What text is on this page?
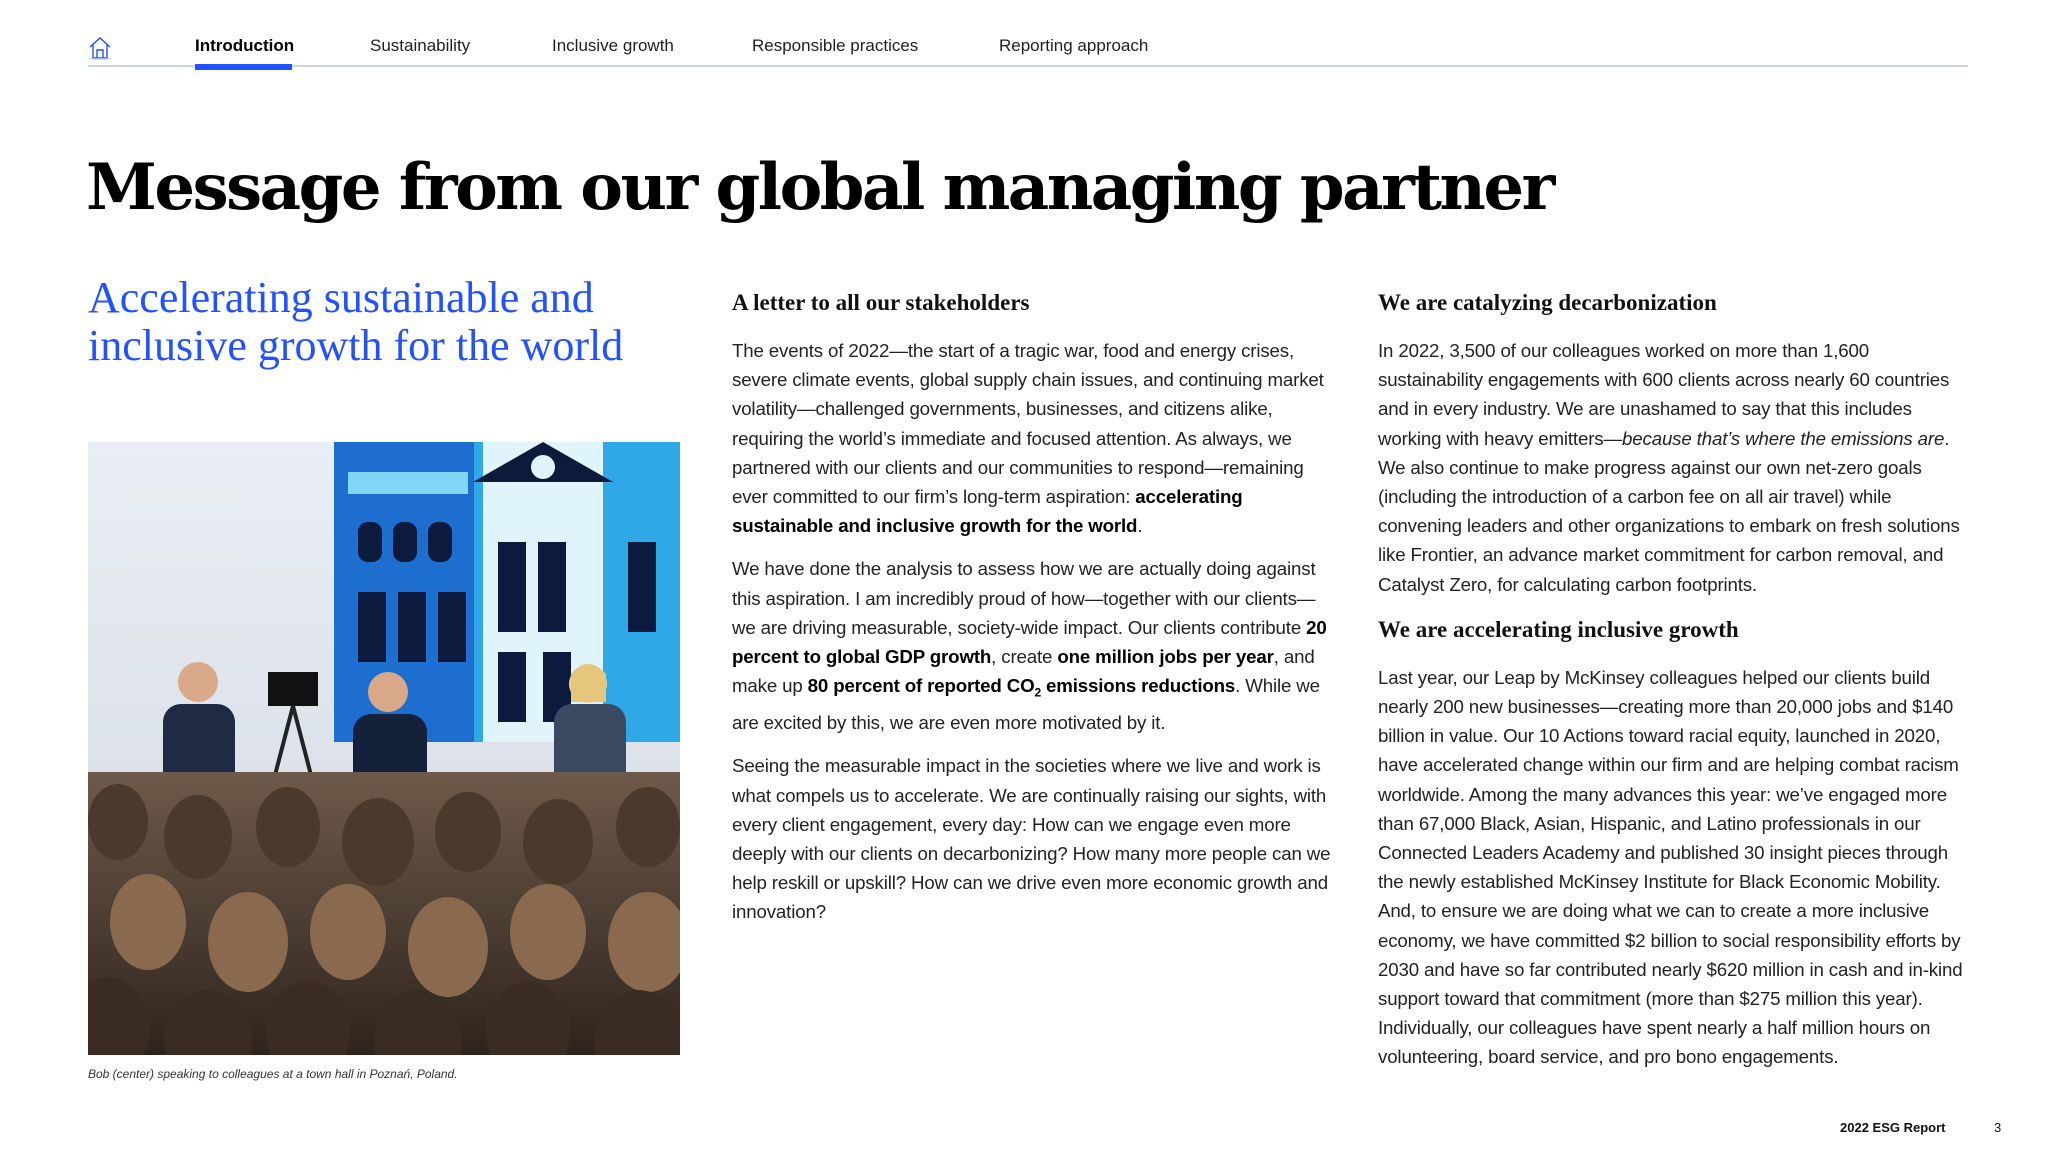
Introduction	Sustainability	Inclusive growth	Responsible practices	Reporting approach
Message from our global managing partner
Accelerating sustainable and inclusive growth for the world
Bob (center) speaking to colleagues at a town hall in Poznań, Poland.
A letter to all our stakeholders

The events of 2022—the start of a tragic war, food and energy crises, severe climate events, global supply chain issues, and continuing market volatility—challenged governments, businesses, and citizens alike, requiring the world’s immediate and focused attention. As always, we partnered with our clients and our communities to respond—remaining ever committed to our firm’s long-term aspiration: accelerating sustainable and inclusive growth for the world.

We have done the analysis to assess how we are actually doing against this aspiration. I am incredibly proud of how—together with our clients—we are driving measurable, society-wide impact. Our clients contribute 20 percent to global GDP growth, create one million jobs per year, and make up 80 percent of reported $CO_2$ emissions reductions. While we are excited by this, we are even more motivated by it.

Seeing the measurable impact in the societies where we live and work is what compels us to accelerate. We are continually raising our sights, with every client engagement, every day: How can we engage even more deeply with our clients on decarbonizing? How many more people can we help reskill or upskill? How can we drive even more economic growth and innovation?

We are catalyzing decarbonization

In 2022, 3,500 of our colleagues worked on more than 1,600 sustainability engagements with 600 clients across nearly 60 countries and in every industry. We are unashamed to say that this includes working with heavy emitters—because that’s where the emissions are. We also continue to make progress against our own net-zero goals (including the introduction of a carbon fee on all air travel) while convening leaders and other organizations to embark on fresh solutions like Frontier, an advance market commitment for carbon removal, and Catalyst Zero, for calculating carbon footprints.

We are accelerating inclusive growth

Last year, our Leap by McKinsey colleagues helped our clients build nearly 200 new businesses—creating more than 20,000 jobs and $140 billion in value. Our 10 Actions toward racial equity, launched in 2020, have accelerated change within our firm and are helping combat racism worldwide. Among the many advances this year: we’ve engaged more than 67,000 Black, Asian, Hispanic, and Latino professionals in our Connected Leaders Academy and published 30 insight pieces through the newly established McKinsey Institute for Black Economic Mobility. And, to ensure we are doing what we can to create a more inclusive economy, we have committed $2 billion to social responsibility efforts by 2030 and have so far contributed nearly $620 million in cash and in-kind support toward that commitment (more than $275 million this year). Individually, our colleagues have spent nearly a half million hours on volunteering, board service, and pro bono engagements.

2022 ESG Report	3
